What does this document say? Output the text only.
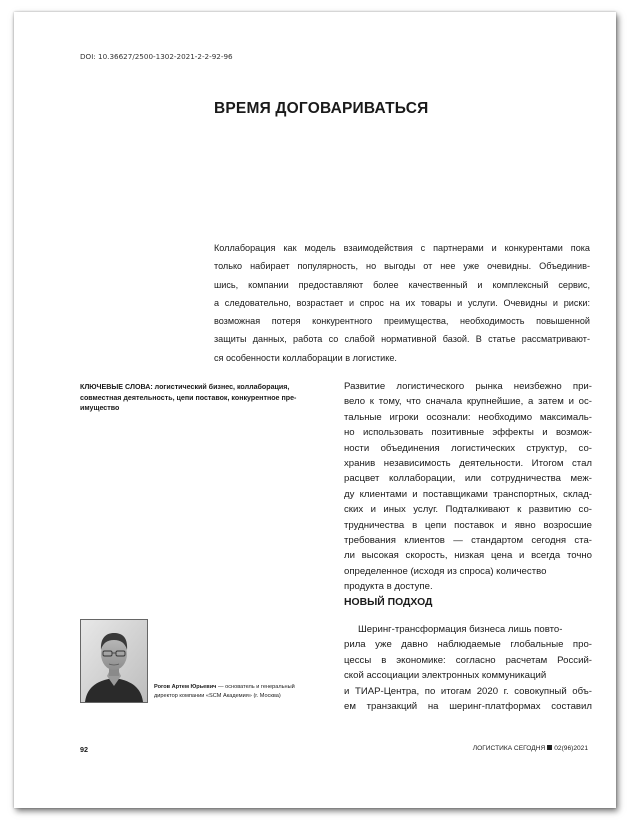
DOI: 10.36627/2500-1302-2021-2-2-92-96
ВРЕМЯ ДОГОВАРИВАТЬСЯ
Коллаборация как модель взаимодействия с партнерами и конкурентами пока
только набирает популярность, но выгоды от нее уже очевидны. Объединив-
шись, компании предоставляют более качественный и комплексный сервис,
а следовательно, возрастает и спрос на их товары и услуги. Очевидны и риски:
возможная потеря конкурентного преимущества, необходимость повышенной
защиты данных, работа со слабой нормативной базой. В статье рассматривают-
ся особенности коллаборации в логистике.
КЛЮЧЕВЫЕ СЛОВА: логистический бизнес, коллаборация,
совместная деятельность, цепи поставок, конкурентное пре-
имущество
Развитие логистического рынка неизбежно при-
вело к тому, что сначала крупнейшие, а затем и ос-
тальные игроки осознали: необходимо максималь-
но использовать позитивные эффекты и возмож-
ности объединения логистических структур, со-
хранив независимость деятельности. Итогом стал
расцвет коллаборации, или сотрудничества меж-
ду клиентами и поставщиками транспортных, склад-
ских и иных услуг. Подталкивают к развитию со-
трудничества в цепи поставок и явно возросшие
требования клиентов — стандартом сегодня ста-
ли высокая скорость, низкая цена и всегда точно
определенное (исходя из спроса) количество
продукта в доступе.
НОВЫЙ ПОДХОД
Шеринг-трансформация бизнеса лишь повто-
рила уже давно наблюдаемые глобальные про-
цессы в экономике: согласно расчетам Россий-
ской ассоциации электронных коммуникаций
и ТИАР-Центра, по итогам 2020 г. совокупный объ-
ем транзакций на шеринг-платформах составил
Рогов Артем Юрьевич — основатель и генеральный
директор компании «SCM Академия» (г. Москва)
92	ЛОГИСТИКА СЕГОДНЯ 02(96)2021
